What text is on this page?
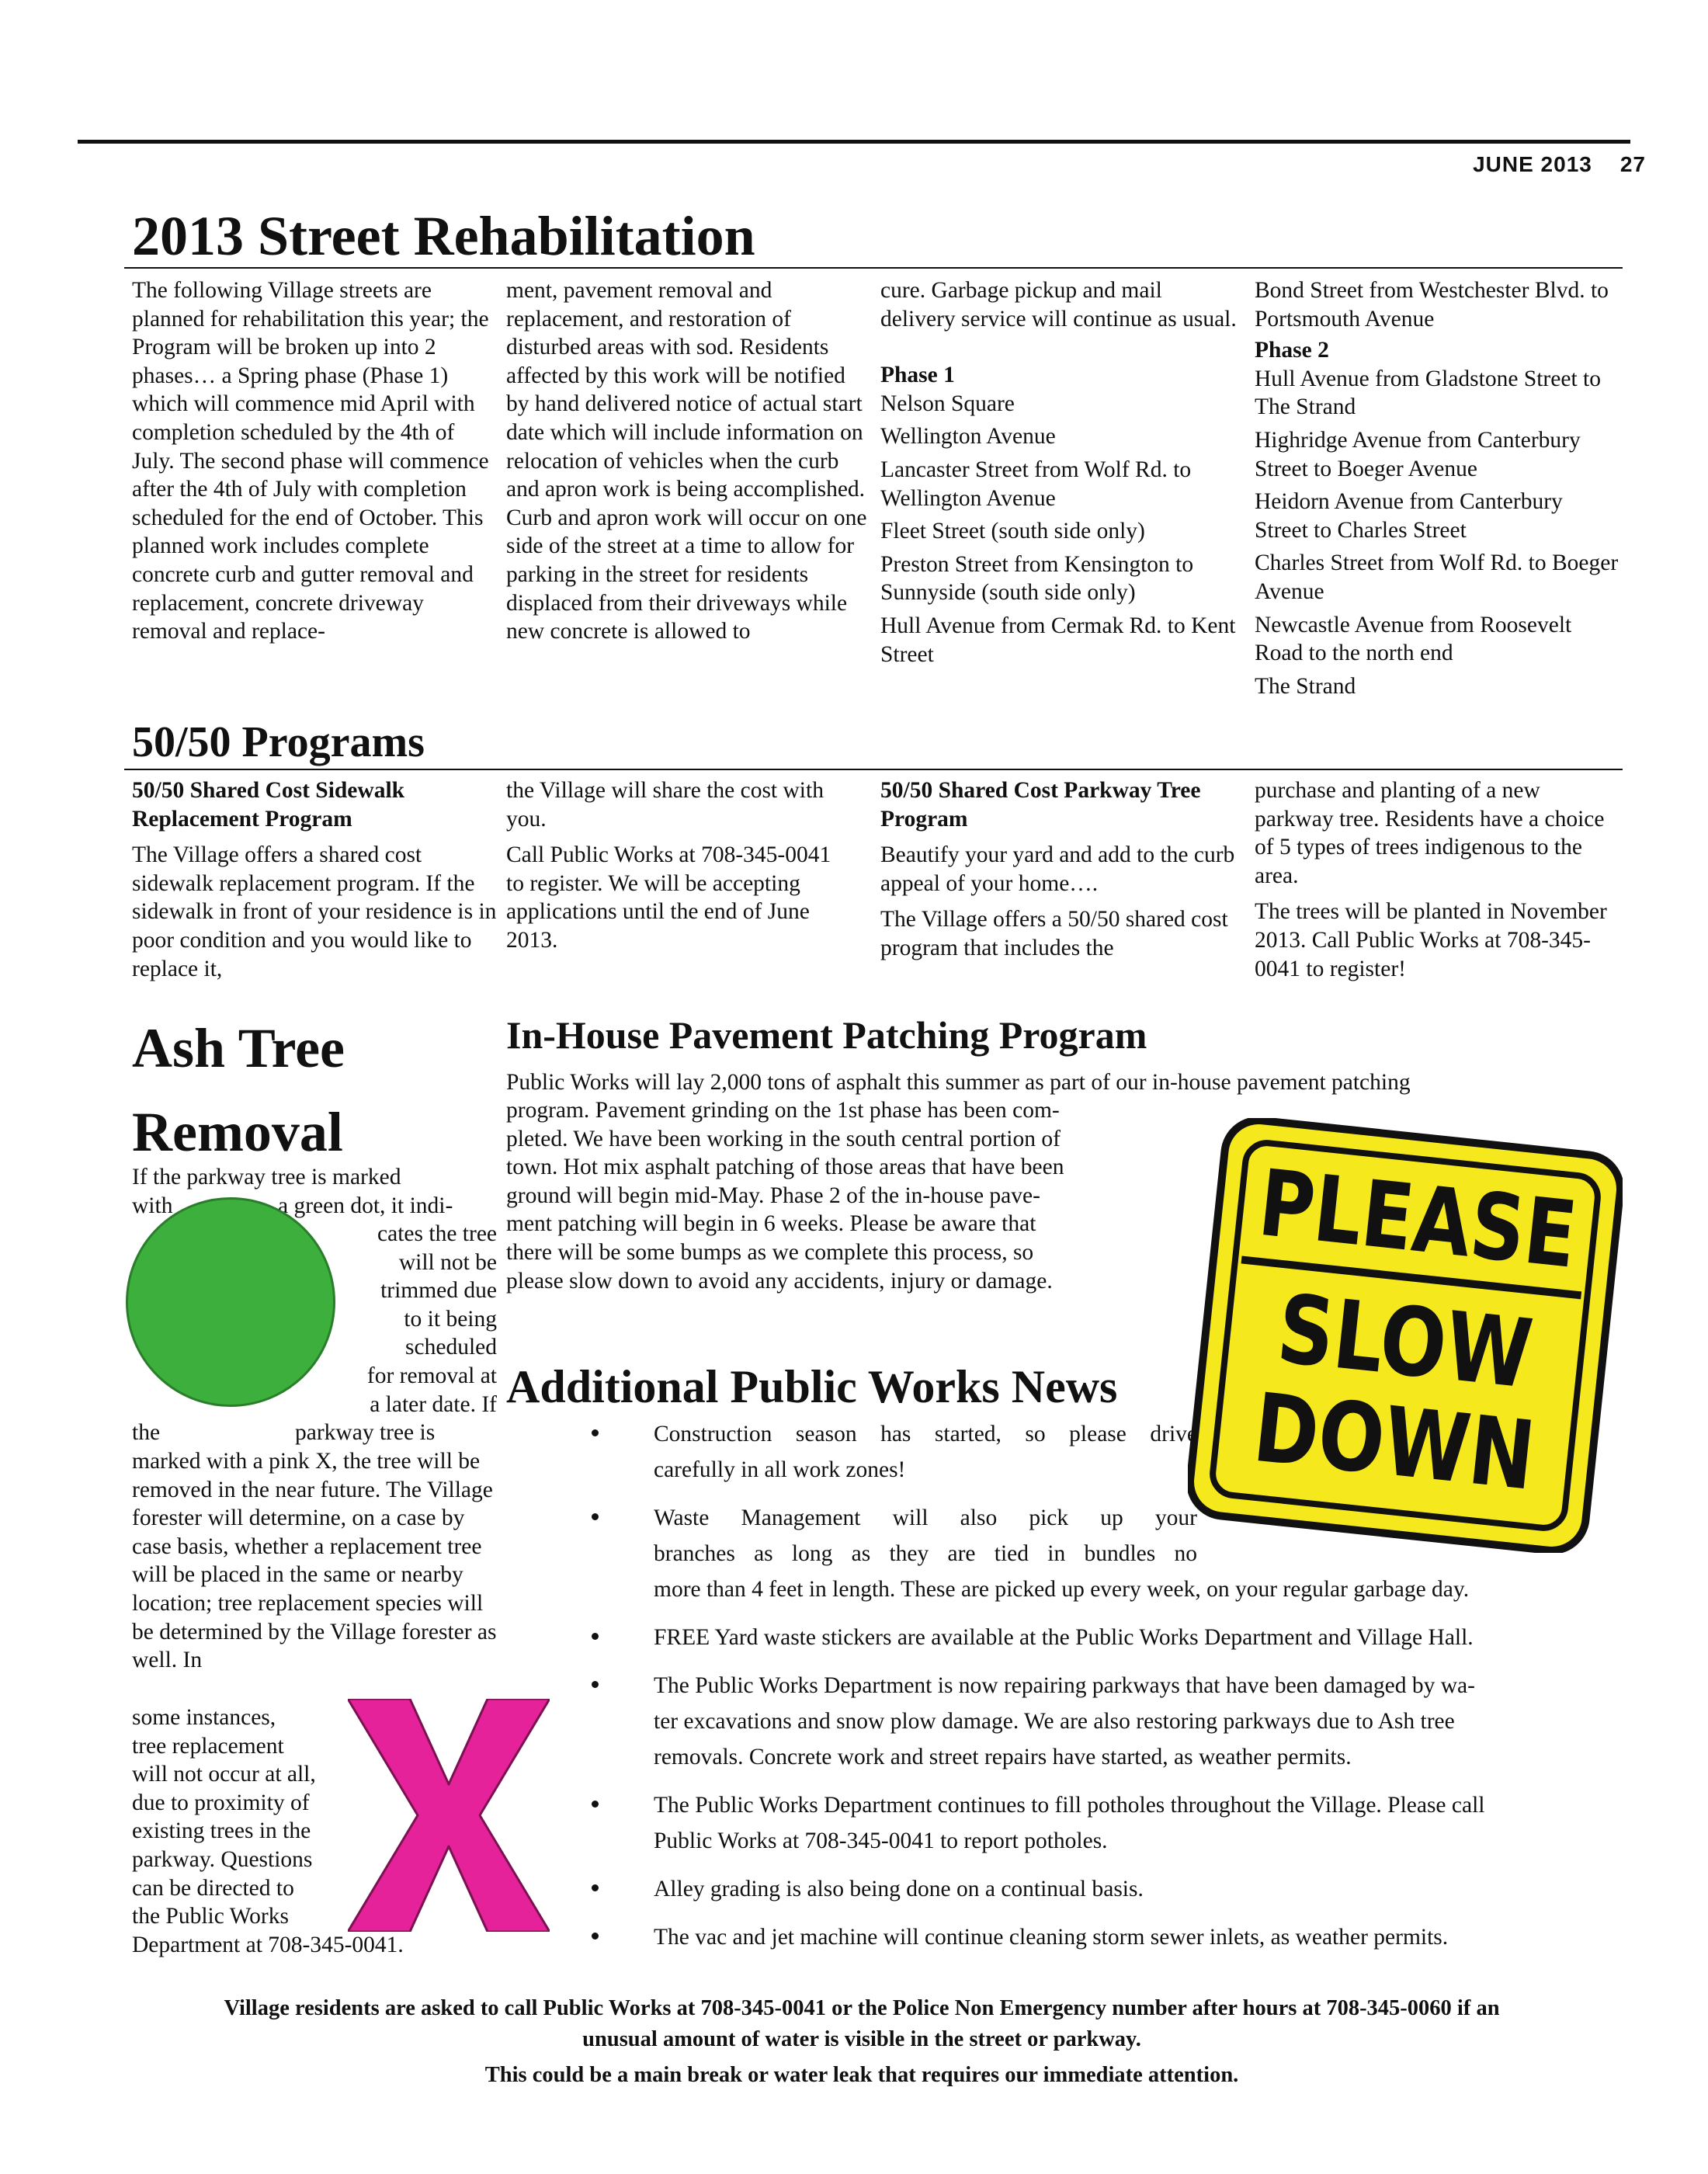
JUNE 2013 27
2013 Street Rehabilitation

The following Village streets are planned for rehabilitation this year; the Program will be broken up into 2 phases… a Spring phase (Phase 1) which will commence mid April with completion scheduled by the 4th of July. The second phase will commence after the 4th of July with completion scheduled for the end of October. This planned work includes complete concrete curb and gutter removal and replacement, concrete driveway removal and replace-

ment, pavement removal and replacement, and restoration of disturbed areas with sod. Residents affected by this work will be notified by hand delivered notice of actual start date which will include information on relocation of vehicles when the curb and apron work is being accomplished. Curb and apron work will occur on one side of the street at a time to allow for parking in the street for residents displaced from their driveways while new concrete is allowed to

cure. Garbage pickup and mail delivery service will continue as usual.

Phase 1

Nelson Square

Wellington Avenue

Lancaster Street from Wolf Rd. to Wellington Avenue

Fleet Street (south side only)

Preston Street from Kensington to Sunnyside (south side only)

Hull Avenue from Cermak Rd. to Kent Street

Bond Street from Westchester Blvd. to Portsmouth Avenue

Phase 2

Hull Avenue from Gladstone Street to The Strand

Highridge Avenue from Canterbury Street to Boeger Avenue

Heidorn Avenue from Canterbury Street to Charles Street

Charles Street from Wolf Rd. to Boeger Avenue

Newcastle Avenue from Roosevelt Road to the north end

The Strand

50/50 Programs

50/50 Shared Cost Sidewalk Replacement Program

The Village offers a shared cost sidewalk replacement program. If the sidewalk in front of your residence is in poor condition and you would like to replace it,

the Village will share the cost with you.

Call Public Works at 708-345-0041 to register. We will be accepting applications until the end of June 2013.

50/50 Shared Cost Parkway Tree Program

Beautify your yard and add to the curb appeal of your home….

The Village offers a 50/50 shared cost program that includes the

purchase and planting of a new parkway tree. Residents have a choice of 5 types of trees indigenous to the area.

The trees will be planted in November 2013. Call Public Works at 708-345-0041 to register!

Ash Tree
Removal
If the parkway tree is marked
with	a green dot, it indi-
cates the tree
will not be
trimmed due
to it being
scheduled
for removal at
a later date. If
the	parkway tree is

marked with a pink X, the tree will be removed in the near future. The Village forester will determine, on a case by case basis, whether a replacement tree will be placed in the same or nearby location; tree replacement species will be determined by the Village forester as well. In

some instances,
tree replacement
will not occur at all,
due to proximity of
existing trees in the
parkway. Questions
can be directed to
the Public Works
Department at 708-345-0041.
In-House Pavement Patching Program
Public Works will lay 2,000 tons of asphalt this summer as part of our in-house pavement patching
program. Pavement grinding on the 1st phase has been com-
pleted. We have been working in the south central portion of
town. Hot mix asphalt patching of those areas that have been
ground will begin mid-May. Phase 2 of the in-house pave-
ment patching will begin in 6 weeks. Please be aware that
there will be some bumps as we complete this process, so
please slow down to avoid any accidents, injury or damage.	PLEASE
SLOW
DOWN
Additional Public Works News
Construction season has started, so please drive
carefully in all work zones!
Waste Management will also pick up your
branches as long as they are tied in bundles no
more than 4 feet in length. These are picked up every week, on your regular garbage day.
FREE Yard waste stickers are available at the Public Works Department and Village Hall.
The Public Works Department is now repairing parkways that have been damaged by wa-
ter excavations and snow plow damage. We are also restoring parkways due to Ash tree
removals. Concrete work and street repairs have started, as weather permits.
The Public Works Department continues to fill potholes throughout the Village. Please call
Public Works at 708-345-0041 to report potholes.
Alley grading is also being done on a continual basis.
The vac and jet machine will continue cleaning storm sewer inlets, as weather permits.
Village residents are asked to call Public Works at 708-345-0041 or the Police Non Emergency number after hours at 708-345-0060 if an
unusual amount of water is visible in the street or parkway.
This could be a main break or water leak that requires our immediate attention.
